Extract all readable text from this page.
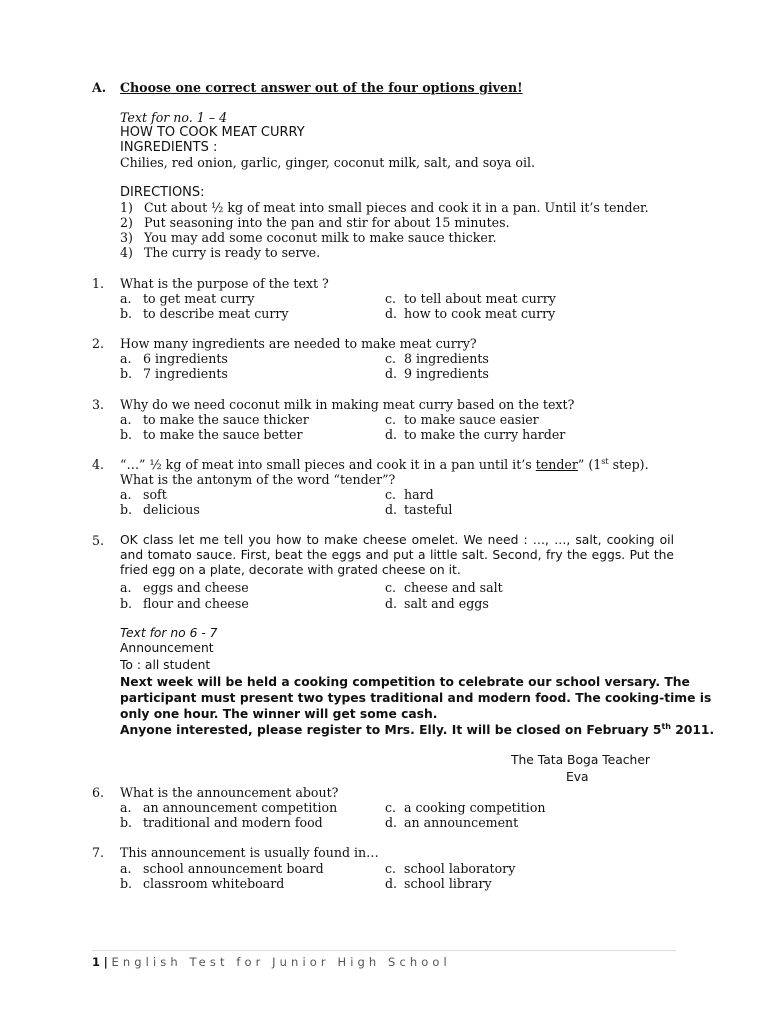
A. Choose one correct answer out of the four options given!
Text for no. 1 – 4
HOW TO COOK MEAT CURRY
INGREDIENTS :
Chilies, red onion, garlic, ginger, coconut milk, salt, and soya oil.
DIRECTIONS:
1) Cut about ½ kg of meat into small pieces and cook it in a pan. Until it’s tender.
2) Put seasoning into the pan and stir for about 15 minutes.
3) You may add some coconut milk to make sauce thicker.
4) The curry is ready to serve.
1. What is the purpose of the text ?
a. to get meat curry	c. to tell about meat curry
b. to describe meat curry	d. how to cook meat curry
2. How many ingredients are needed to make meat curry?
a. 6 ingredients	c. 8 ingredients
b. 7 ingredients	d. 9 ingredients
3. Why do we need coconut milk in making meat curry based on the text?
a. to make the sauce thicker	c. to make sauce easier
b. to make the sauce better	d. to make the curry harder
4. “…” ½ kg of meat into small pieces and cook it in a pan until it’s tender” (1st step).
What is the antonym of the word “tender”?
a. soft	c. hard
b. delicious	d. tasteful
5. OK class let me tell you how to make cheese omelet. We need : …, …, salt, cooking oil
and tomato sauce. First, beat the eggs and put a little salt. Second, fry the eggs. Put the
fried egg on a plate, decorate with grated cheese on it.
a. eggs and cheese	c. cheese and salt
b. flour and cheese	d. salt and eggs
Text for no 6 - 7
Announcement
To : all student
Next week will be held a cooking competition to celebrate our school versary. The
participant must present two types traditional and modern food. The cooking-time is
only one hour. The winner will get some cash.
Anyone interested, please register to Mrs. Elly. It will be closed on February 5th 2011.
The Tata Boga Teacher
Eva
6. What is the announcement about?
a. an announcement competition	c. a cooking competition
b. traditional and modern food	d. an announcement
7. This announcement is usually found in…
a. school announcement board	c. school laboratory
b. classroom whiteboard	d. school library
1 | English Test for Junior High School
